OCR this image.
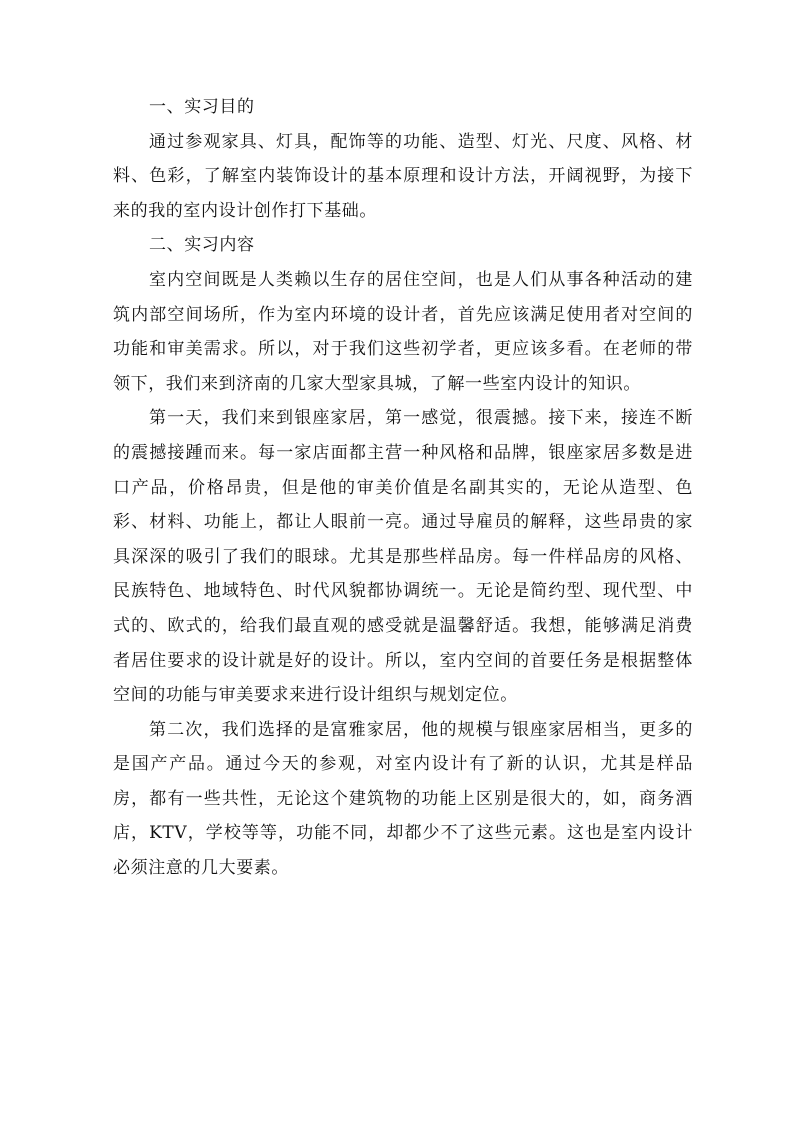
一、实习目的

通过参观家具、灯具，配饰等的功能、造型、灯光、尺度、风格、材料、色彩，了解室内装饰设计的基本原理和设计方法，开阔视野，为接下来的我的室内设计创作打下基础。

二、实习内容

室内空间既是人类赖以生存的居住空间，也是人们从事各种活动的建筑内部空间场所，作为室内环境的设计者，首先应该满足使用者对空间的功能和审美需求。所以，对于我们这些初学者，更应该多看。在老师的带领下，我们来到济南的几家大型家具城，了解一些室内设计的知识。

第一天，我们来到银座家居，第一感觉，很震撼。接下来，接连不断的震撼接踵而来。每一家店面都主营一种风格和品牌，银座家居多数是进口产品，价格昂贵，但是他的审美价值是名副其实的，无论从造型、色彩、材料、功能上，都让人眼前一亮。通过导雇员的解释，这些昂贵的家具深深的吸引了我们的眼球。尤其是那些样品房。每一件样品房的风格、民族特色、地域特色、时代风貌都协调统一。无论是简约型、现代型、中式的、欧式的，给我们最直观的感受就是温馨舒适。我想，能够满足消费者居住要求的设计就是好的设计。所以，室内空间的首要任务是根据整体空间的功能与审美要求来进行设计组织与规划定位。

第二次，我们选择的是富雅家居，他的规模与银座家居相当，更多的是国产产品。通过今天的参观，对室内设计有了新的认识，尤其是样品房，都有一些共性，无论这个建筑物的功能上区别是很大的，如，商务酒店，KTV，学校等等，功能不同，却都少不了这些元素。这也是室内设计必须注意的几大要素。
